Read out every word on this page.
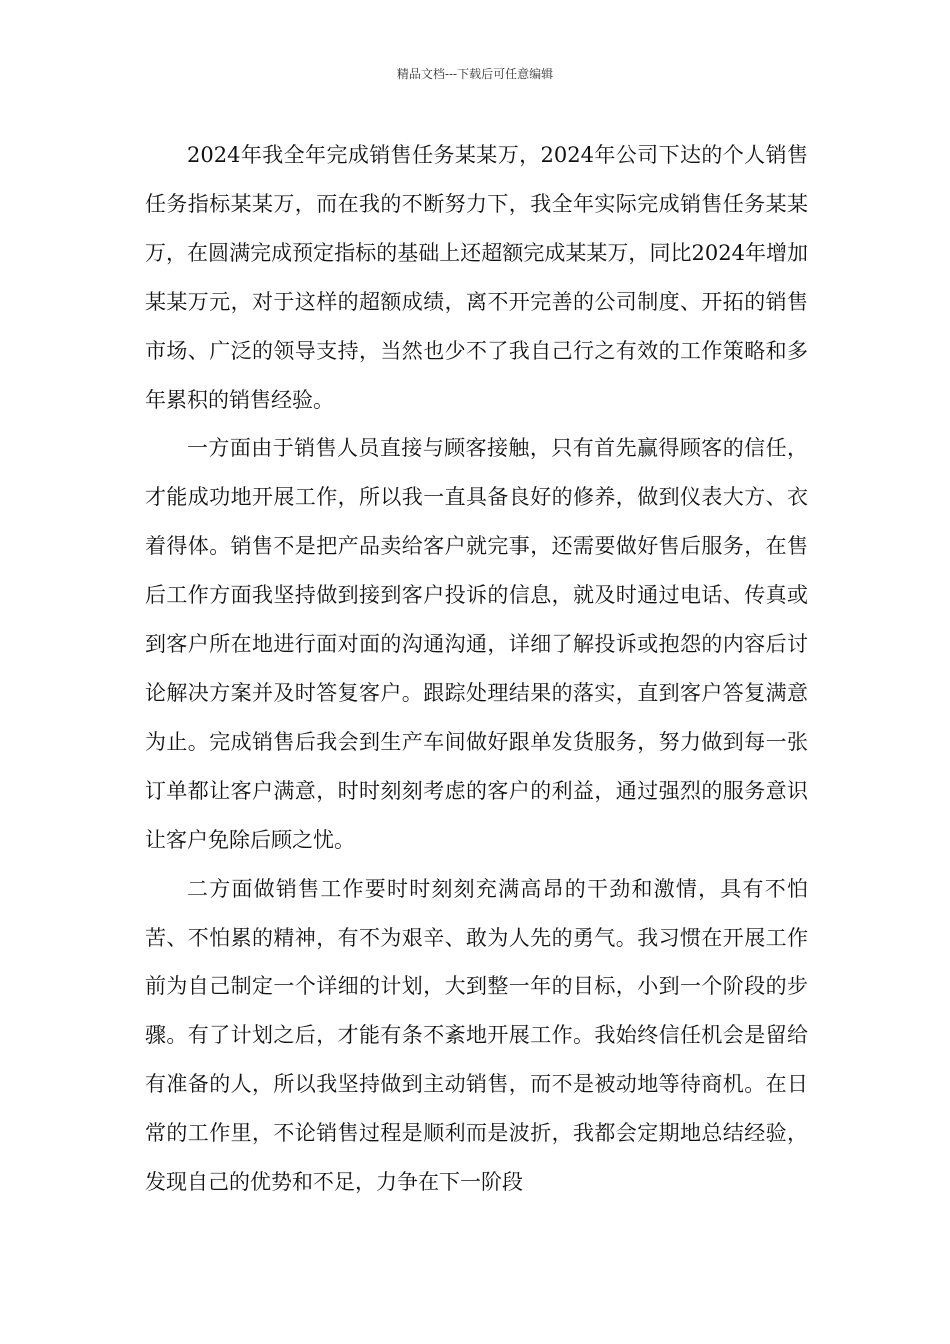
精品文档---下载后可任意编辑

2024年我全年完成销售任务某某万，2024年公司下达的个人销售任务指标某某万，而在我的不断努力下，我全年实际完成销售任务某某万，在圆满完成预定指标的基础上还超额完成某某万，同比2024年增加某某万元，对于这样的超额成绩，离不开完善的公司制度、开拓的销售市场、广泛的领导支持，当然也少不了我自己行之有效的工作策略和多年累积的销售经验。

一方面由于销售人员直接与顾客接触，只有首先赢得顾客的信任，才能成功地开展工作，所以我一直具备良好的修养，做到仪表大方、衣着得体。销售不是把产品卖给客户就完事，还需要做好售后服务，在售后工作方面我坚持做到接到客户投诉的信息，就及时通过电话、传真或到客户所在地进行面对面的沟通沟通，详细了解投诉或抱怨的内容后讨论解决方案并及时答复客户。跟踪处理结果的落实，直到客户答复满意为止。完成销售后我会到生产车间做好跟单发货服务，努力做到每一张订单都让客户满意，时时刻刻考虑的客户的利益，通过强烈的服务意识让客户免除后顾之忧。

二方面做销售工作要时时刻刻充满高昂的干劲和激情，具有不怕苦、不怕累的精神，有不为艰辛、敢为人先的勇气。我习惯在开展工作前为自己制定一个详细的计划，大到整一年的目标，小到一个阶段的步骤。有了计划之后，才能有条不紊地开展工作。我始终信任机会是留给有准备的人，所以我坚持做到主动销售，而不是被动地等待商机。在日常的工作里，不论销售过程是顺利而是波折，我都会定期地总结经验，发现自己的优势和不足，力争在下一阶段
